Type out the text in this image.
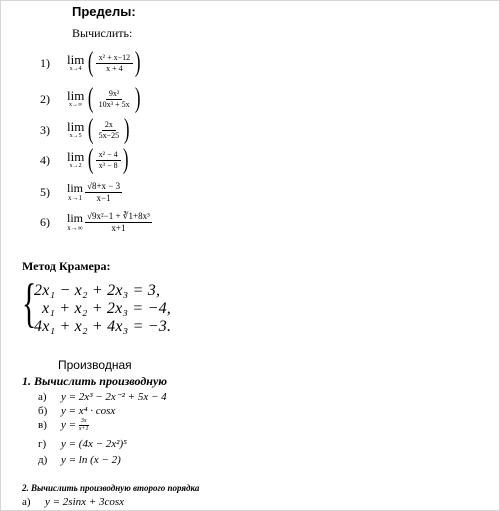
Пределы:
Вычислить:
1)	lim
x→4 ( $\frac{\text{x² + x−12}}{x + 4}$ )
2)	lim
x→∞ ( $\frac{\text{9x²}}{\text{10x³ + 5x}}$ )
3)	lim
x→5 ( $\frac{2x}{5x-25}$ )
4)	lim
x→2 ( $\frac{\text{x² − 4}}{\text{x³ − 8}}$ )
5)	lim
$x\to 1 \frac{√8+x - 3}{x-1}$
6)	lim
$x\to\infty \frac{\text{√9x²−1 + ∛1+8x³}}{x+1}$
Метод Крамера:
{
2x₁ − x₂ + 2x₃ = 3,
x₁ + x₂ + 2x₃ = −4,
4x₁ + x₂ + 4x₃ = −3.
Производная
1. Вычислить производную
а) y = 2x³ − 2x⁻² + 5x − 4
б) y = x⁴ · cosx
в) $y = \frac{3x}{x+1}$
г) y = (4x − 2x²)⁵
д) y = ln (x − 2)
2. Вычислить производную второго порядка
а) y = 2sinx + 3cosx
